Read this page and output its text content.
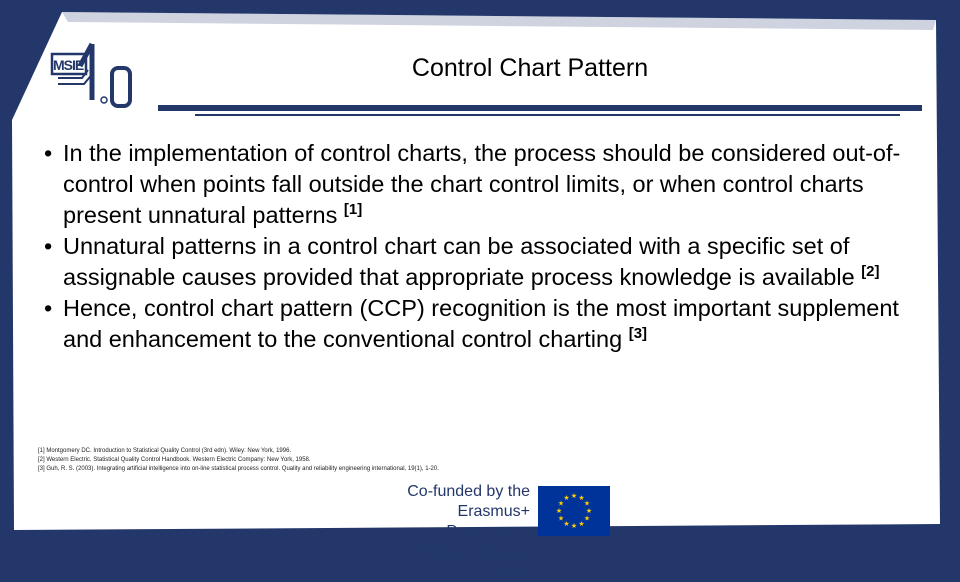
MSIE	Control Chart Pattern
• In the implementation of control charts, the process should be considered out-of-control when points fall outside the chart control limits, or when control charts present unnatural patterns [1]
• Unnatural patterns in a control chart can be associated with a specific set of assignable causes provided that appropriate process knowledge is available [2]
• Hence, control chart pattern (CCP) recognition is the most important supplement and enhancement to the conventional control charting [3]
[1] Montgomery DC. Introduction to Statistical Quality Control (3rd edn). Wiley: New York, 1996.
[2] Western Electric. Statistical Quality Control Handbook. Western Electric Company: New York, 1958.
[3] Guh, R. S. (2003). Integrating artificial intelligence into on‐line statistical process control. Quality and reliability engineering international, 19(1), 1-20.
Co-funded by the
Erasmus+ Programme
of the European Union
★ ★
★
★
★
★
★
★
★
★
★
★
